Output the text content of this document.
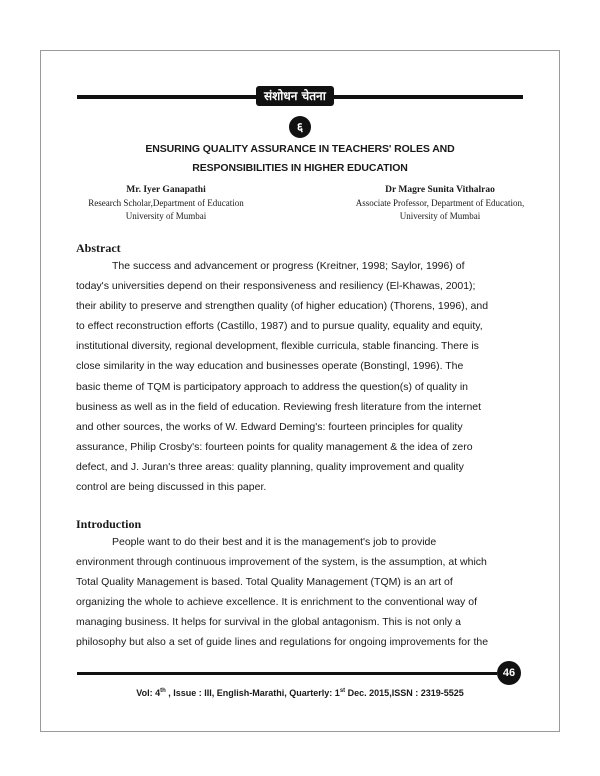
संशोधन चेतना
६
ENSURING QUALITY ASSURANCE IN TEACHERS' ROLES AND
RESPONSIBILITIES IN HIGHER EDUCATION
Mr. Iyer Ganapathi
Research Scholar,Department of Education
University of Mumbai
Dr Magre Sunita Vithalrao
Associate Professor, Department of Education,
University of Mumbai
Abstract
The success and advancement or progress (Kreitner, 1998; Saylor, 1996) of
today's universities depend on their responsiveness and resiliency (El-Khawas, 2001);
their ability to preserve and strengthen quality (of higher education) (Thorens, 1996), and
to effect reconstruction efforts (Castillo, 1987) and to pursue quality, equality and equity,
institutional diversity, regional development, flexible curricula, stable financing. There is
close similarity in the way education and businesses operate (Bonstingl, 1996). The
basic theme of TQM is participatory approach to address the question(s) of quality in
business as well as in the field of education. Reviewing fresh literature from the internet
and other sources, the works of W. Edward Deming's: fourteen principles for quality
assurance, Philip Crosby's: fourteen points for quality management & the idea of zero
defect, and J. Juran's three areas: quality planning, quality improvement and quality
control are being discussed in this paper.
Introduction
People want to do their best and it is the management's job to provide
environment through continuous improvement of the system, is the assumption, at which
Total Quality Management is based. Total Quality Management (TQM) is an art of
organizing the whole to achieve excellence. It is enrichment to the conventional way of
managing business. It helps for survival in the global antagonism. This is not only a
philosophy but also a set of guide lines and regulations for ongoing improvements for the
46
Vol: 4th , Issue : III, English-Marathi, Quarterly: 1st Dec. 2015,ISSN : 2319-5525
